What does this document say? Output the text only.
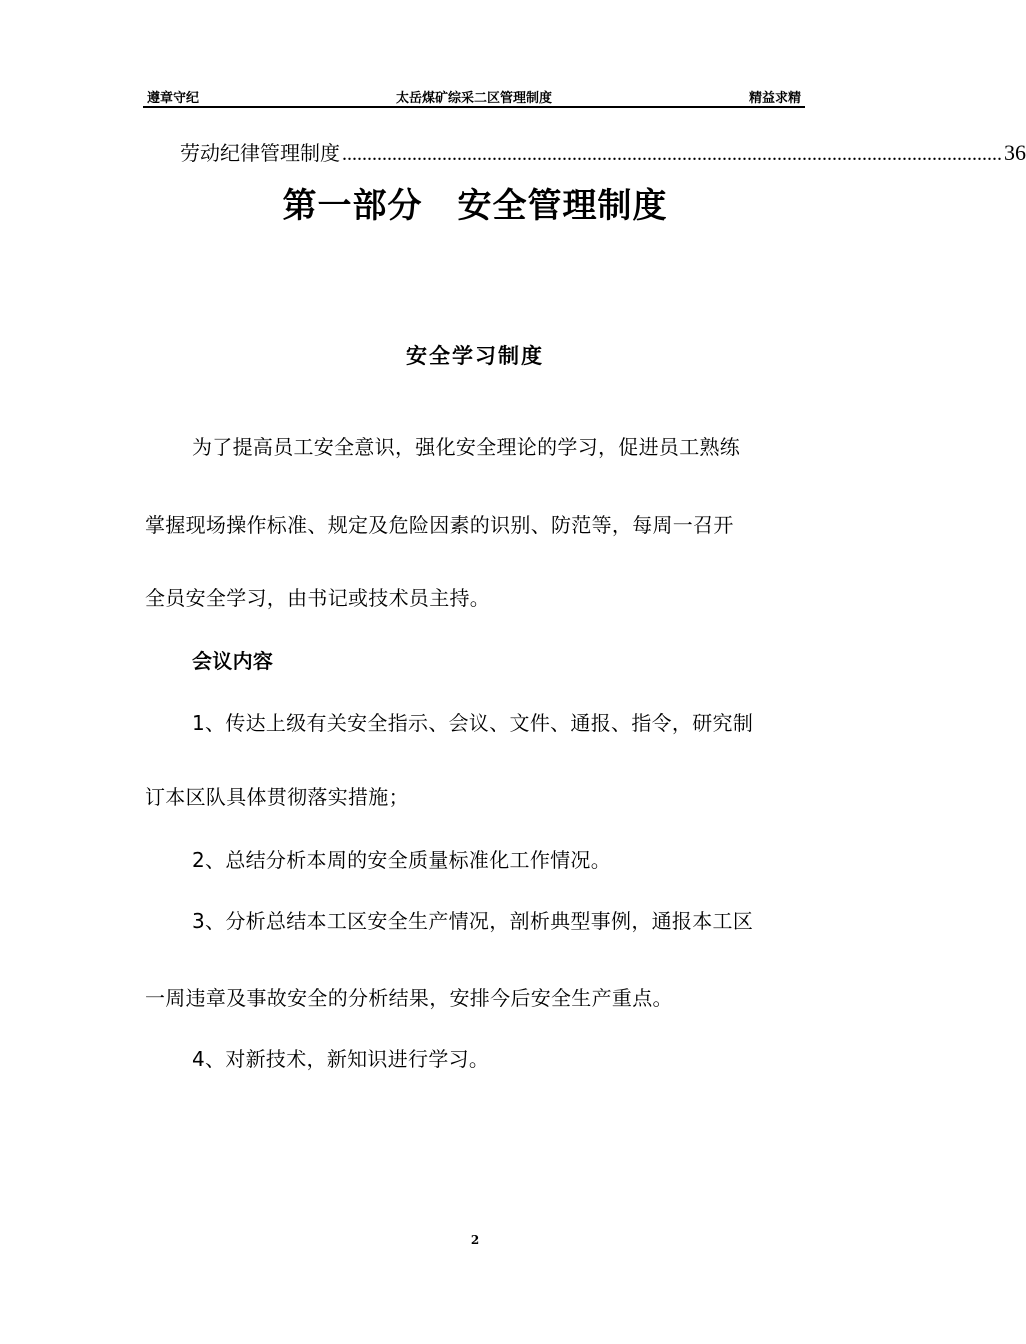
遵章守纪	太岳煤矿综采二区管理制度	精益求精
劳动纪律管理制度 .................................................................................................................................... 36
第一部分　安全管理制度
安全学习制度
为了提高员工安全意识，强化安全理论的学习，促进员工熟练
掌握现场操作标准、规定及危险因素的识别、防范等，每周一召开
全员安全学习，由书记或技术员主持。
会议内容
1、传达上级有关安全指示、会议、文件、通报、指令，研究制
订本区队具体贯彻落实措施；
2、总结分析本周的安全质量标准化工作情况。
3、分析总结本工区安全生产情况，剖析典型事例，通报本工区
一周违章及事故安全的分析结果，安排今后安全生产重点。
4、对新技术，新知识进行学习。
2
